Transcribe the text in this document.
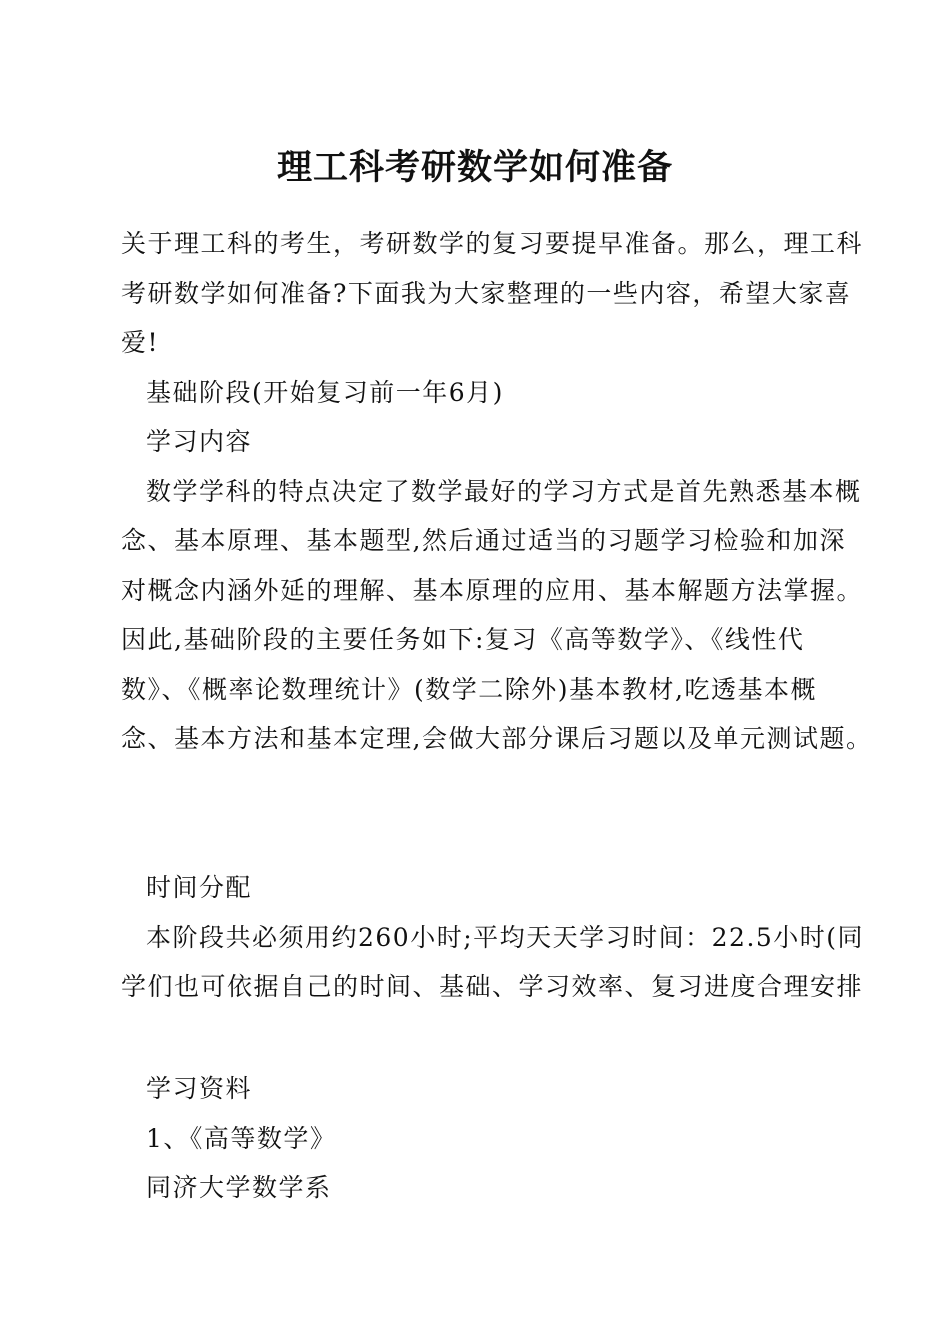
理工科考研数学如何准备
关于理工科的考生，考研数学的复习要提早准备。那么，理工科
考研数学如何准备?下面我为大家整理的一些内容，希望大家喜
爱!
基础阶段(开始复习前一年6月)
学习内容
数学学科的特点决定了数学最好的学习方式是首先熟悉基本概
念、基本原理、基本题型,然后通过适当的习题学习检验和加深
对概念内涵外延的理解、基本原理的应用、基本解题方法掌握。
因此,基础阶段的主要任务如下:复习《高等数学》、《线性代
数》、《概率论数理统计》(数学二除外)基本教材,吃透基本概
念、基本方法和基本定理,会做大部分课后习题以及单元测试题。
时间分配
本阶段共必须用约260小时;平均天天学习时间：22.5小时(同
学们也可依据自己的时间、基础、学习效率、复习进度合理安排
学习资料
1、《高等数学》
同济大学数学系
